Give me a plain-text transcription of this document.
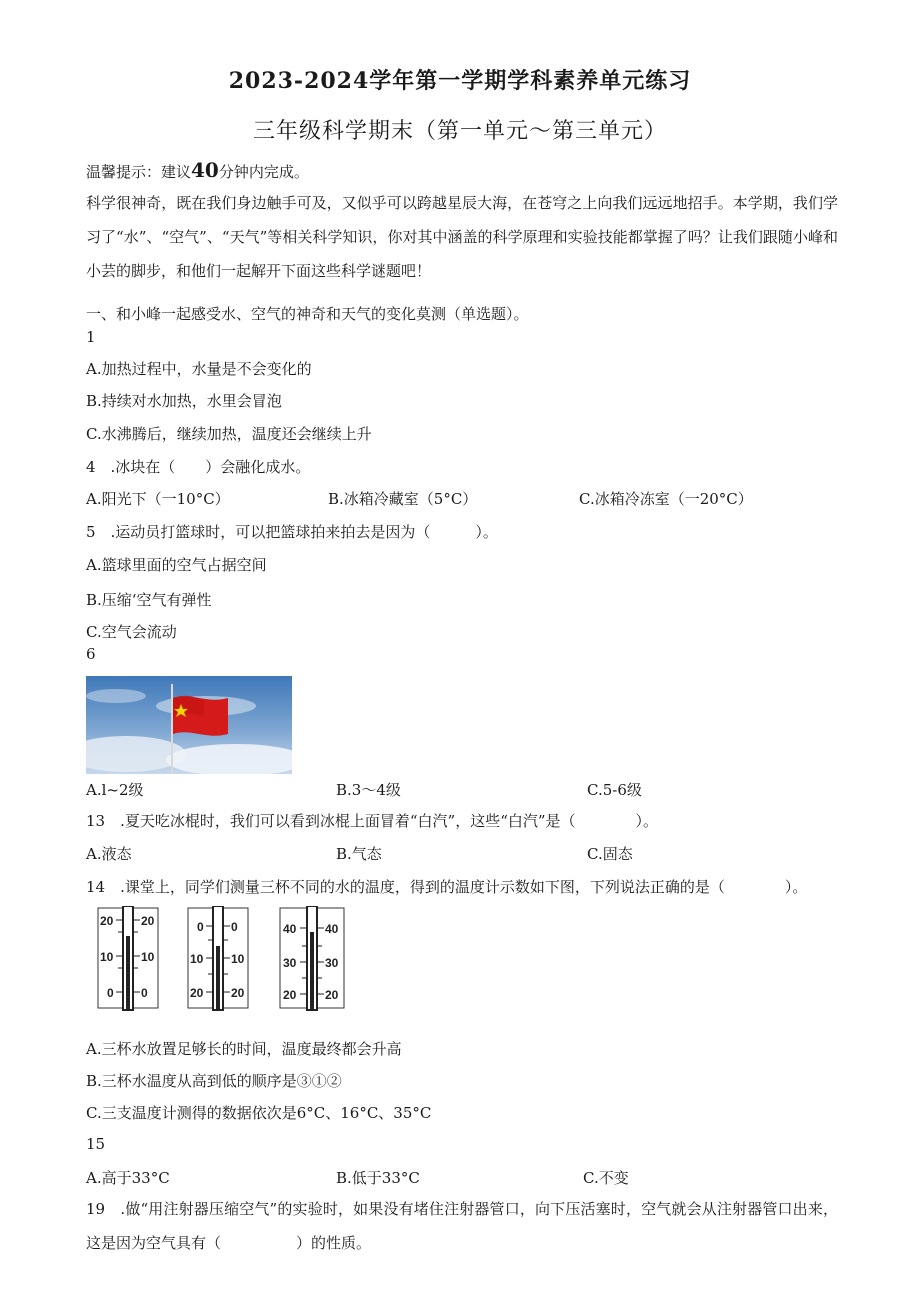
2023-2024学年第一学期学科素养单元练习
三年级科学期末（第一单元～第三单元）
温馨提示：建议40分钟内完成。
科学很神奇，既在我们身边触手可及，又似乎可以跨越星辰大海，在苍穹之上向我们远远地招手。本学期，我们学习了“水”、“空气”、“天气”等相关科学知识，你对其中涵盖的科学原理和实验技能都掌握了吗？让我们跟随小峰和小芸的脚步，和他们一起解开下面这些科学谜题吧！
一、和小峰一起感受水、空气的神奇和天气的变化莫测（单选题）。
1
A.加热过程中，水量是不会变化的
B.持续对水加热，水里会冒泡
C.水沸腾后，继续加热，温度还会继续上升
4　.冰块在（　　）会融化成水。
A.阳光下（一10°C）	B.冰箱冷藏室（5°C）	C.冰箱冷冻室（一20°C）
5　.运动员打篮球时，可以把篮球拍来拍去是因为（　　　）。
A.篮球里面的空气占据空间
B.压缩‘空气有弹性
C.空气会流动
6
A.l~2级	B.3～4级	C.5-6级
13　.夏天吃冰棍时，我们可以看到冰棍上面冒着“白汽”，这些“白汽”是（　　　　）。
A.液态	B.气态	C.固态
14　.课堂上，同学们测量三杯不同的水的温度，得到的温度计示数如下图，下列说法正确的是（　　　　）。
20 20
10 10
0 0
0 0
10 10
20 20
40 40
30 30
20 20
A.三杯水放置足够长的时间，温度最终都会升高
B.三杯水温度从高到低的顺序是③①②
C.三支温度计测得的数据依次是6°C、16°C、35°C
15
A.高于33°C	B.低于33°C	C.不变
19　.做“用注射器压缩空气”的实验时，如果没有堵住注射器管口，向下压活塞时，空气就会从注射器管口出来，这是因为空气具有（　　　　　）的性质。
